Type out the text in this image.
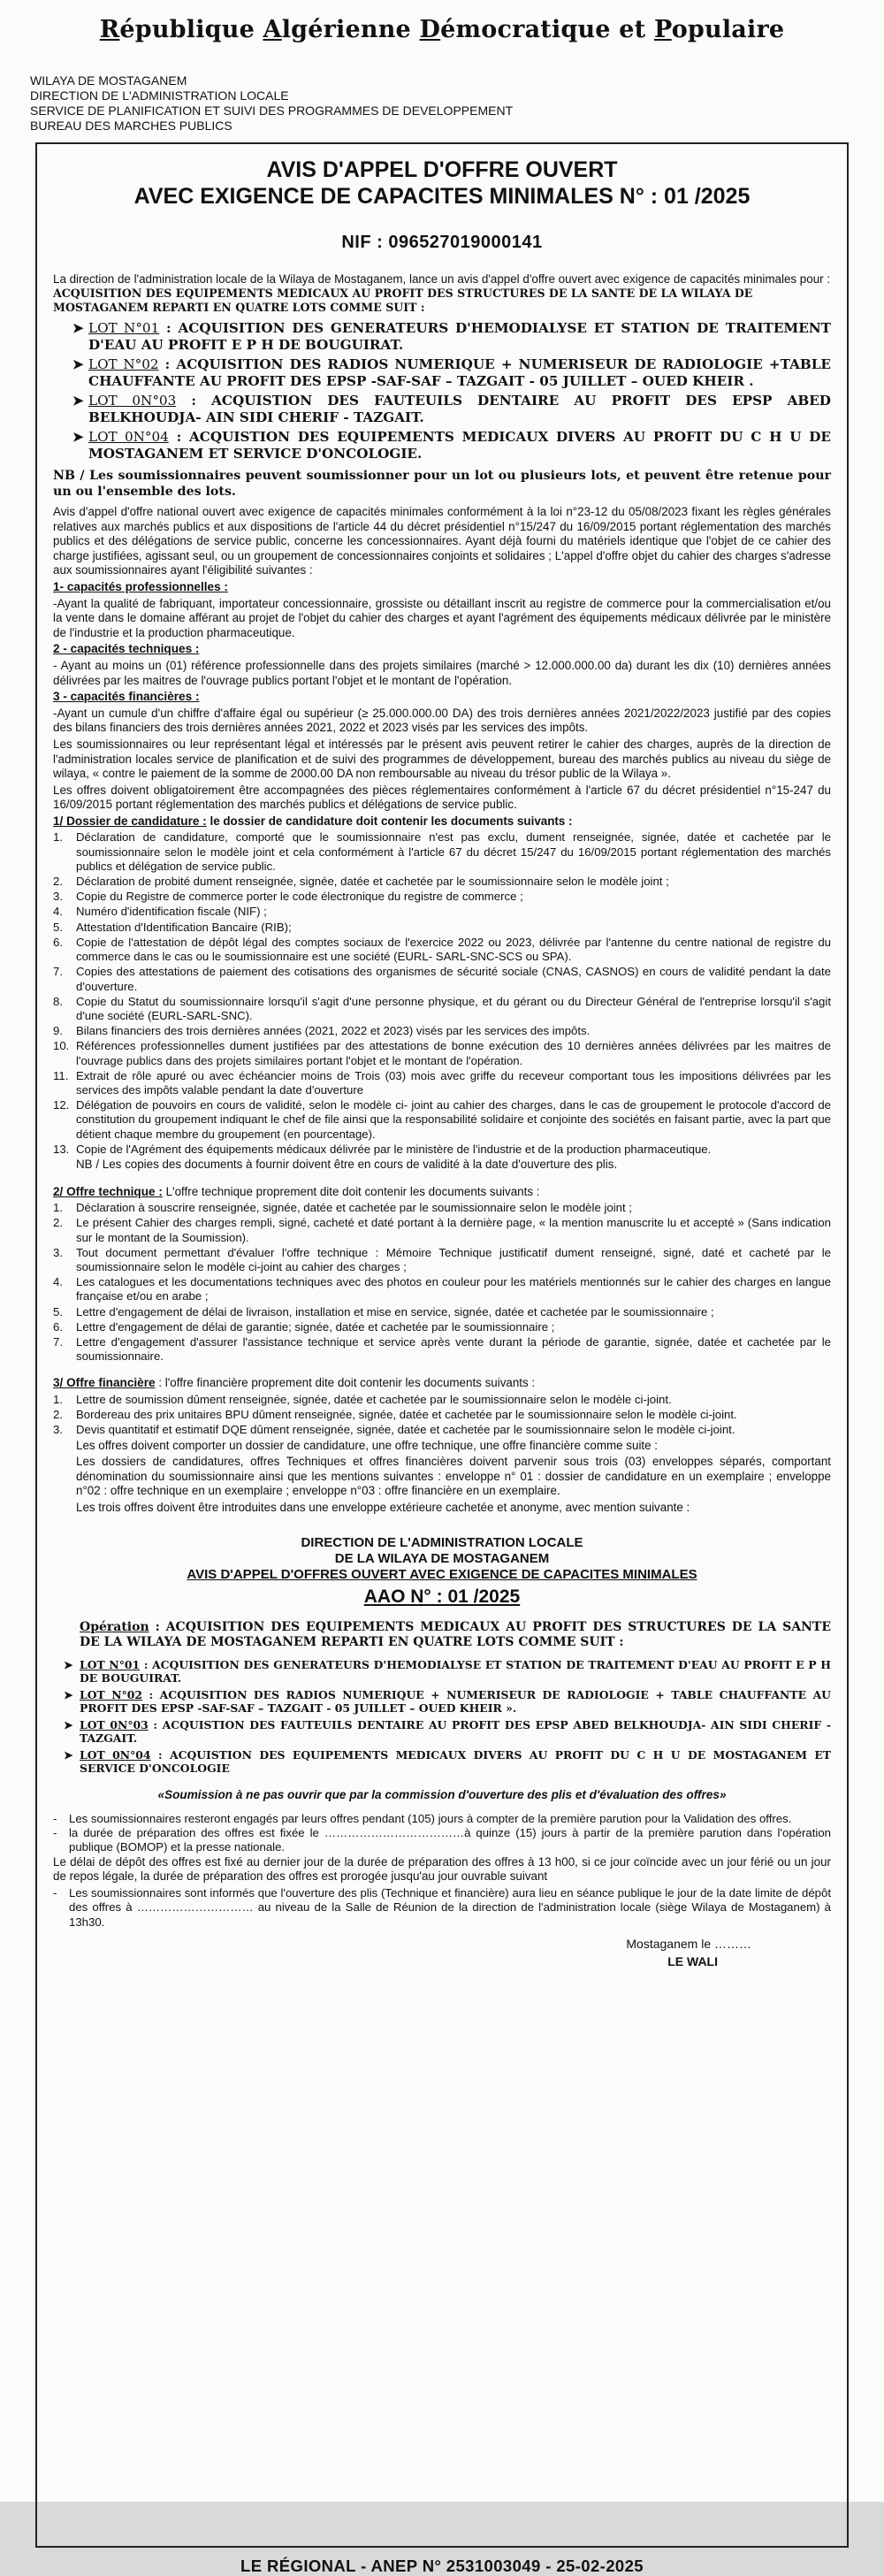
République Algérienne Démocratique et Populaire
WILAYA DE MOSTAGANEM
DIRECTION DE L'ADMINISTRATION LOCALE
SERVICE DE PLANIFICATION ET SUIVI DES PROGRAMMES DE DEVELOPPEMENT
BUREAU DES MARCHES PUBLICS
AVIS D'APPEL D'OFFRE OUVERT
AVEC EXIGENCE DE CAPACITES MINIMALES N° : 01 /2025
NIF : 096527019000141
La direction de l'administration locale de la Wilaya de Mostaganem, lance un avis d'appel d'offre ouvert avec exigence de capacités minimales pour : ACQUISITION DES EQUIPEMENTS MEDICAUX AU PROFIT DES STRUCTURES DE LA SANTE DE LA WILAYA DE MOSTAGANEM REPARTI EN QUATRE LOTS COMME SUIT :
➤ LOT N°01 : ACQUISITION DES GENERATEURS D'HEMODIALYSE ET STATION DE TRAITEMENT D'EAU AU PROFIT E P H DE BOUGUIRAT.
➤ LOT N°02 : ACQUISITION DES RADIOS NUMERIQUE + NUMERISEUR DE RADIOLOGIE +TABLE CHAUFFANTE AU PROFIT DES EPSP -SAF-SAF – TAZGAIT - 05 JUILLET – OUED KHEIR .
➤ LOT 0N°03 : ACQUISTION DES FAUTEUILS DENTAIRE AU PROFIT DES EPSP ABED BELKHOUDJA- AIN SIDI CHERIF - TAZGAIT.
➤ LOT 0N°04 : ACQUISTION DES EQUIPEMENTS MEDICAUX DIVERS AU PROFIT DU C H U DE MOSTAGANEM ET SERVICE D'ONCOLOGIE.
NB / Les soumissionnaires peuvent soumissionner pour un lot ou plusieurs lots, et peuvent être retenue pour un ou l'ensemble des lots.
Avis d'appel d'offre national ouvert avec exigence de capacités minimales conformément à la loi n°23-12 du 05/08/2023 fixant les règles générales relatives aux marchés publics et aux dispositions de l'article 44 du décret présidentiel n°15/247 du 16/09/2015 portant réglementation des marchés publics et des délégations de service public, concerne les concessionnaires. Ayant déjà fourni du matériels identique que l'objet de ce cahier des charge justifiées, agissant seul, ou un groupement de concessionnaires conjoints et solidaires ; L'appel d'offre objet du cahier des charges s'adresse aux soumissionnaires ayant l'éligibilité suivantes :
1- capacités professionnelles :
-Ayant la qualité de fabriquant, importateur concessionnaire, grossiste ou détaillant inscrit au registre de commerce pour la commercialisation et/ou la vente dans le domaine afférant au projet de l'objet du cahier des charges et ayant l'agrément des équipements médicaux délivrée par le ministère de l'industrie et la production pharmaceutique.
2 - capacités techniques :
- Ayant au moins un (01) référence professionnelle dans des projets similaires (marché > 12.000.000.00 da) durant les dix (10) dernières années délivrées par les maitres de l'ouvrage publics portant l'objet et le montant de l'opération.
3 - capacités financières :
-Ayant un cumule d'un chiffre d'affaire égal ou supérieur (≥ 25.000.000.00 DA) des trois dernières années 2021/2022/2023 justifié par des copies des bilans financiers des trois dernières années 2021, 2022 et 2023 visés par les services des impôts.
Les soumissionnaires ou leur représentant légal et intéressés par le présent avis peuvent retirer le cahier des charges, auprès de la direction de l'administration locales service de planification et de suivi des programmes de développement, bureau des marchés publics au niveau du siège de wilaya, « contre le paiement de la somme de 2000.00 DA non remboursable au niveau du trésor public de la Wilaya ».
Les offres doivent obligatoirement être accompagnées des pièces réglementaires conformément à l'article 67 du décret présidentiel n°15-247 du 16/09/2015 portant réglementation des marchés publics et délégations de service public.
1/ Dossier de candidature : le dossier de candidature doit contenir les documents suivants :
1.	Déclaration de candidature, comporté que le soumissionnaire n'est pas exclu, dument renseignée, signée, datée et cachetée par le soumissionnaire selon le modèle joint et cela conformément à l'article 67 du décret 15/247 du 16/09/2015 portant réglementation des marchés publics et délégation de service public.
2.	Déclaration de probité dument renseignée, signée, datée et cachetée par le soumissionnaire selon le modèle joint ;
3.	Copie du Registre de commerce porter le code électronique du registre de commerce ;
4.	Numéro d'identification fiscale (NIF) ;
5.	Attestation d'Identification Bancaire (RIB);
6.	Copie de l'attestation de dépôt légal des comptes sociaux de l'exercice 2022 ou 2023, délivrée par l'antenne du centre national de registre du commerce dans le cas ou le soumissionnaire est une société (EURL- SARL-SNC-SCS ou SPA).
7.	Copies des attestations de paiement des cotisations des organismes de sécurité sociale (CNAS, CASNOS) en cours de validité pendant la date d'ouverture.
8.	Copie du Statut du soumissionnaire lorsqu'il s'agit d'une personne physique, et du gérant ou du Directeur Général de l'entreprise lorsqu'il s'agit d'une société (EURL-SARL-SNC).
9.	Bilans financiers des trois dernières années (2021, 2022 et 2023) visés par les services des impôts.
10. Références professionnelles dument justifiées par des attestations de bonne exécution des 10 dernières années délivrées par les maitres de l'ouvrage publics dans des projets similaires portant l'objet et le montant de l'opération.
11. Extrait de rôle apuré ou avec échéancier moins de Trois (03) mois avec griffe du receveur comportant tous les impositions délivrées par les services des impôts valable pendant la date d'ouverture
12. Délégation de pouvoirs en cours de validité, selon le modèle ci- joint au cahier des charges, dans le cas de groupement le protocole d'accord de constitution du groupement indiquant le chef de file ainsi que la responsabilité solidaire et conjointe des sociétés en faisant partie, avec la part que détient chaque membre du groupement (en pourcentage).
13. Copie de l'Agrément des équipements médicaux délivrée par le ministère de l'industrie et de la production pharmaceutique.
NB / Les copies des documents à fournir doivent être en cours de validité à la date d'ouverture des plis.
2/ Offre technique : L'offre technique proprement dite doit contenir les documents suivants :
1.	Déclaration à souscrire renseignée, signée, datée et cachetée par le soumissionnaire selon le modèle joint ;
2.	Le présent Cahier des charges rempli, signé, cacheté et daté portant à la dernière page, « la mention manuscrite lu et accepté » (Sans indication sur le montant de la Soumission).
3.	Tout document permettant d'évaluer l'offre technique : Mémoire Technique justificatif dument renseigné, signé, daté et cacheté par le soumissionnaire selon le modèle ci-joint au cahier des charges ;
4.	Les catalogues et les documentations techniques avec des photos en couleur pour les matériels mentionnés sur le cahier des charges en langue française et/ou en arabe ;
5.	Lettre d'engagement de délai de livraison, installation et mise en service, signée, datée et cachetée par le soumissionnaire ;
6.	Lettre d'engagement de délai de garantie; signée, datée et cachetée par le soumissionnaire ;
7.	Lettre d'engagement d'assurer l'assistance technique et service après vente durant la période de garantie, signée, datée et cachetée par le soumissionnaire.
3/ Offre financière : l'offre financière proprement dite doit contenir les documents suivants :
1.	Lettre de soumission dûment renseignée, signée, datée et cachetée par le soumissionnaire selon le modèle ci-joint.
2.	Bordereau des prix unitaires BPU dûment renseignée, signée, datée et cachetée par le soumissionnaire selon le modèle ci-joint.
3.	Devis quantitatif et estimatif DQE dûment renseignée, signée, datée et cachetée par le soumissionnaire selon le modèle ci-joint.
Les offres doivent comporter un dossier de candidature, une offre technique, une offre financière comme suite :
Les dossiers de candidatures, offres Techniques et offres financières doivent parvenir sous trois (03) enveloppes séparés, comportant dénomination du soumissionnaire ainsi que les mentions suivantes : enveloppe n° 01 : dossier de candidature en un exemplaire ; enveloppe n°02 : offre technique en un exemplaire ; enveloppe n°03 : offre financière en un exemplaire.
Les trois offres doivent être introduites dans une enveloppe extérieure cachetée et anonyme, avec mention suivante :
DIRECTION DE L'ADMINISTRATION LOCALE
DE LA WILAYA DE MOSTAGANEM
AVIS D'APPEL D'OFFRES OUVERT AVEC EXIGENCE DE CAPACITES MINIMALES
AAO N° : 01 /2025
Opération : ACQUISITION DES EQUIPEMENTS MEDICAUX AU PROFIT DES STRUCTURES DE LA SANTE DE LA WILAYA DE MOSTAGANEM REPARTI EN QUATRE LOTS COMME SUIT :
➤ LOT N°01 : ACQUISITION DES GENERATEURS D'HEMODIALYSE ET STATION DE TRAITEMENT D'EAU AU PROFIT E P H DE BOUGUIRAT.
➤ LOT N°02 : ACQUISITION DES RADIOS NUMERIQUE + NUMERISEUR DE RADIOLOGIE + TABLE CHAUFFANTE AU PROFIT DES EPSP -SAF-SAF – TAZGAIT - 05 JUILLET – OUED KHEIR ».
➤ LOT 0N°03 : ACQUISTION DES FAUTEUILS DENTAIRE AU PROFIT DES EPSP ABED BELKHOUDJA- AIN SIDI CHERIF - TAZGAIT.
➤ LOT 0N°04 : ACQUISTION DES EQUIPEMENTS MEDICAUX DIVERS AU PROFIT DU C H U DE MOSTAGANEM ET SERVICE D'ONCOLOGIE
«Soumission à ne pas ouvrir que par la commission d'ouverture des plis et d'évaluation des offres»
-	Les soumissionnaires resteront engagés par leurs offres pendant (105) jours à compter de la première parution pour la Validation des offres.
-	la durée de préparation des offres est fixée le ………………………………à quinze (15) jours à partir de la première parution dans l'opération publique (BOMOP) et la presse nationale.
Le délai de dépôt des offres est fixé au dernier jour de la durée de préparation des offres à 13 h00, si ce jour coïncide avec un jour férié ou un jour de repos légale, la durée de préparation des offres est prorogée jusqu'au jour ouvrable suivant
-	Les soumissionnaires sont informés que l'ouverture des plis (Technique et financière) aura lieu en séance publique le jour de la date limite de dépôt des offres à ………………………… au niveau de la Salle de Réunion de la direction de l'administration locale (siège Wilaya de Mostaganem) à 13h30.
Mostaganem le ………
LE WALI
LE RÉGIONAL - ANEP N° 2531003049 - 25-02-2025
